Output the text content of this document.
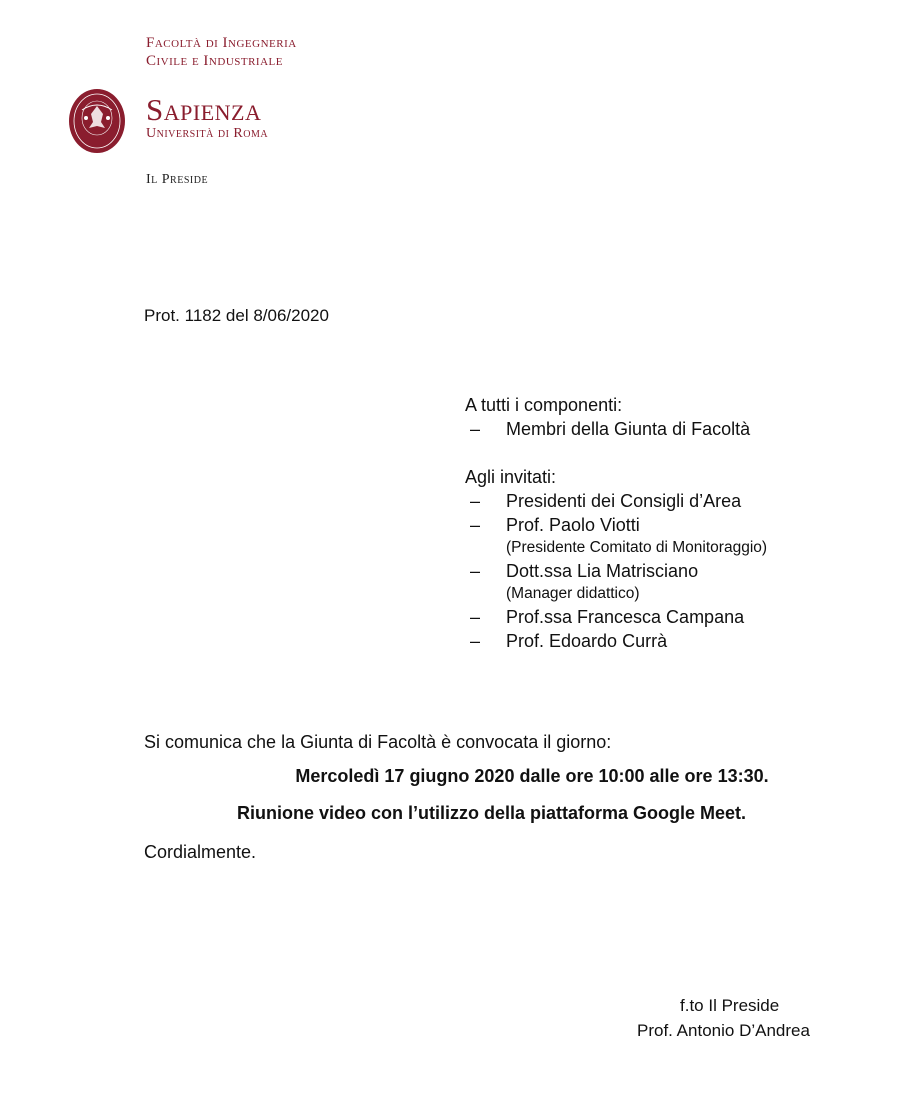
Facoltà di Ingegneria
Civile e Industriale
Sapienza
Università di Roma
Il Preside
Prot. 1182 del 8/06/2020

A tutti i componenti:

– Membri della Giunta di Facoltà

Agli invitati:

– Presidenti dei Consigli d’Area
– Prof. Paolo Viotti
(Presidente Comitato di Monitoraggio)
– Dott.ssa Lia Matrisciano
(Manager didattico)
– Prof.ssa Francesca Campana
– Prof. Edoardo Currà
Si comunica che la Giunta di Facoltà è convocata il giorno:
Mercoledì 17 giugno 2020 dalle ore 10:00 alle ore 13:30.
Riunione video con l’utilizzo della piattaforma Google Meet.
Cordialmente.
f.to Il Preside
Prof. Antonio D’Andrea
